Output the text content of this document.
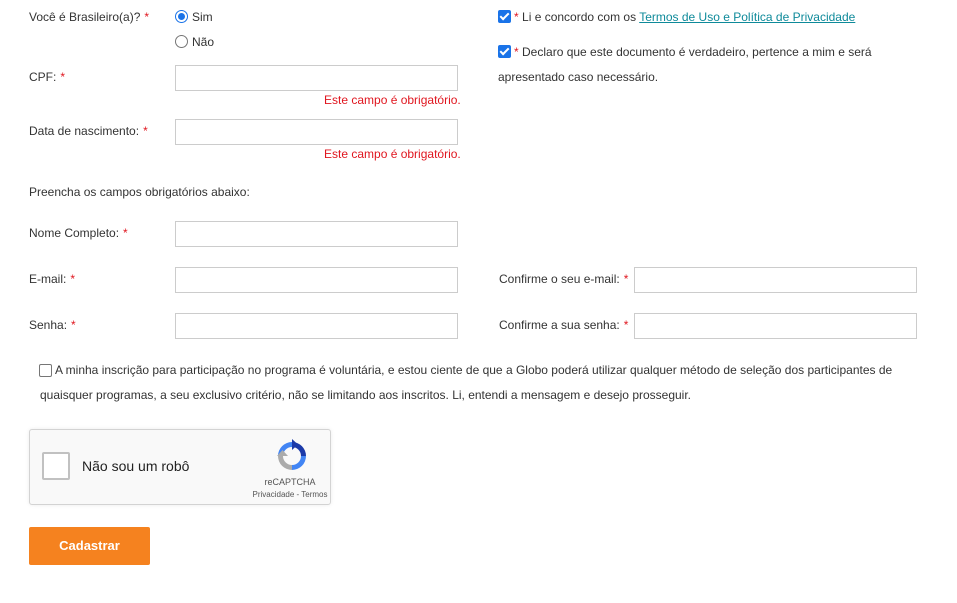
Você é Brasileiro(a)? *	Sim
Não
* Li e concordo com os Termos de Uso e Política de Privacidade
* Declaro que este documento é verdadeiro, pertence a mim e será
apresentado caso necessário.
CPF: *
Este campo é obrigatório.
Data de nascimento: *
Este campo é obrigatório.
Preencha os campos obrigatórios abaixo:
Nome Completo: *
E-mail: *	Confirme o seu e-mail: *
Senha: *	Confirme a sua senha: *
A minha inscrição para participação no programa é voluntária, e estou ciente de que a Globo poderá utilizar qualquer método de seleção dos participantes de
quaisquer programas, a seu exclusivo critério, não se limitando aos inscritos. Li, entendi a mensagem e desejo prosseguir.
Não sou um robô
reCAPTCHA
Privacidade - Termos
Cadastrar
